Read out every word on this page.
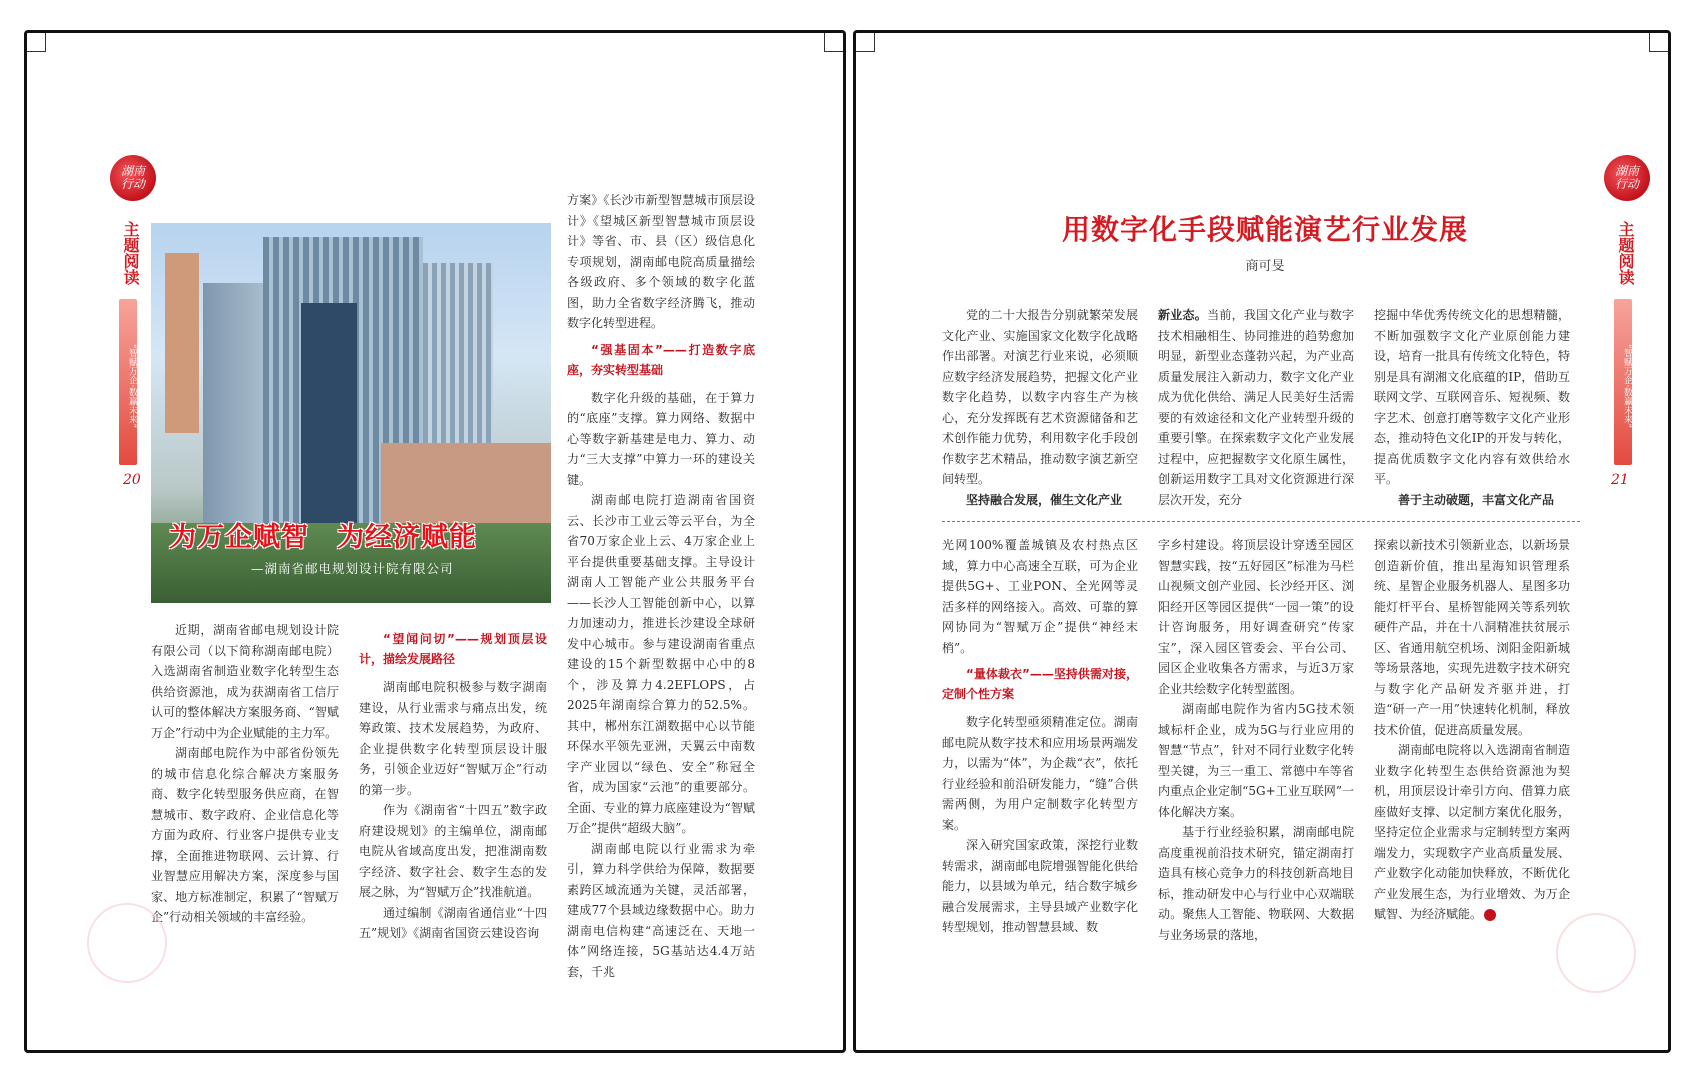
湖南
行动
主题阅读
“智赋万企·数赢未来”
20
为万企赋智　为经济赋能
—湖南省邮电规划设计院有限公司

近期，湖南省邮电规划设计院有限公司（以下简称湖南邮电院）入选湖南省制造业数字化转型生态供给资源池，成为获湖南省工信厅认可的整体解决方案服务商、“智赋万企”行动中为企业赋能的主力军。

湖南邮电院作为中部省份领先的城市信息化综合解决方案服务商、数字化转型服务供应商，在智慧城市、数字政府、企业信息化等方面为政府、行业客户提供专业支撑，全面推进物联网、云计算、行业智慧应用解决方案，深度参与国家、地方标准制定，积累了“智赋万企”行动相关领域的丰富经验。

“望闻问切”——规划顶层设计，描绘发展路径

湖南邮电院积极参与数字湖南建设，从行业需求与痛点出发，统筹政策、技术发展趋势，为政府、企业提供数字化转型顶层设计服务，引领企业迈好“智赋万企”行动的第一步。

作为《湖南省“十四五”数字政府建设规划》的主编单位，湖南邮电院从省域高度出发，把准湖南数字经济、数字社会、数字生态的发展之脉，为“智赋万企”找准航道。

通过编制《湖南省通信业“十四五”规划》《湖南省国资云建设咨询

方案》《长沙市新型智慧城市顶层设计》《望城区新型智慧城市顶层设计》等省、市、县（区）级信息化专项规划，湖南邮电院高质量描绘各级政府、多个领域的数字化蓝图，助力全省数字经济腾飞，推动数字化转型进程。

“强基固本”——打造数字底座，夯实转型基础

数字化升级的基础，在于算力的“底座”支撑。算力网络、数据中心等数字新基建是电力、算力、动力“三大支撑”中算力一环的建设关键。

湖南邮电院打造湖南省国资云、长沙市工业云等云平台，为全省70万家企业上云、4万家企业上平台提供重要基础支撑。主导设计湖南人工智能产业公共服务平台——长沙人工智能创新中心，以算力加速动力，推进长沙建设全球研发中心城市。参与建设湖南省重点建设的15个新型数据中心中的8个，涉及算力4.2EFLOPS，占2025年湖南综合算力的52.5%。其中，郴州东江湖数据中心以节能环保水平领先亚洲，天翼云中南数字产业园以“绿色、安全”称冠全省，成为国家“云池”的重要部分。全面、专业的算力底座建设为“智赋万企”提供“超级大脑”。

湖南邮电院以行业需求为牵引，算力科学供给为保障，数据要素跨区域流通为关键，灵活部署，建成77个县域边缘数据中心。助力湖南电信构建“高速泛在、天地一体”网络连接，5G基站达4.4万站套，千兆

湖南
行动
主题阅读
“智赋万企·数赢未来”
21
用数字化手段赋能演艺行业发展
商可旻

党的二十大报告分别就繁荣发展文化产业、实施国家文化数字化战略作出部署。对演艺行业来说，必须顺应数字经济发展趋势，把握文化产业数字化趋势，以数字内容生产为核心，充分发挥既有艺术资源储备和艺术创作能力优势，利用数字化手段创作数字艺术精品，推动数字演艺新空间转型。

坚持融合发展，催生文化产业

新业态。当前，我国文化产业与数字技术相融相生、协同推进的趋势愈加明显，新型业态蓬勃兴起，为产业高质量发展注入新动力，数字文化产业成为优化供给、满足人民美好生活需要的有效途径和文化产业转型升级的重要引擎。在探索数字文化产业发展过程中，应把握数字文化原生属性，创新运用数字工具对文化资源进行深层次开发，充分

挖掘中华优秀传统文化的思想精髓，不断加强数字文化产业原创能力建设，培育一批具有传统文化特色，特别是具有湖湘文化底蕴的IP，借助互联网文学、互联网音乐、短视频、数字艺术、创意打磨等数字文化产业形态，推动特色文化IP的开发与转化，提高优质数字文化内容有效供给水平。

善于主动破题，丰富文化产品

光网100%覆盖城镇及农村热点区域，算力中心高速全互联，可为企业提供5G+、工业PON、全光网等灵活多样的网络接入。高效、可靠的算网协同为“智赋万企”提供“神经末梢”。

“量体裁衣”——坚持供需对接，定制个性方案

数字化转型亟须精准定位。湖南邮电院从数字技术和应用场景两端发力，以需为“体”，为企裁“衣”，依托行业经验和前沿研发能力，“缝”合供需两侧，为用户定制数字化转型方案。

深入研究国家政策，深挖行业数转需求，湖南邮电院增强智能化供给能力，以县域为单元，结合数字城乡融合发展需求，主导县域产业数字化转型规划，推动智慧县域、数

字乡村建设。将顶层设计穿透至园区智慧实践，按“五好园区”标准为马栏山视频文创产业园、长沙经开区、浏阳经开区等园区提供“一园一策”的设计咨询服务，用好调查研究“传家宝”，深入园区管委会、平台公司、园区企业收集各方需求，与近3万家企业共绘数字化转型蓝图。

湖南邮电院作为省内5G技术领域标杆企业，成为5G与行业应用的智慧“节点”，针对不同行业数字化转型关键，为三一重工、常德中车等省内重点企业定制“5G+工业互联网”一体化解决方案。

基于行业经验积累，湖南邮电院高度重视前沿技术研究，锚定湖南打造具有核心竞争力的科技创新高地目标，推动研发中心与行业中心双端联动。聚焦人工智能、物联网、大数据与业务场景的落地，

探索以新技术引领新业态，以新场景创造新价值，推出星海知识管理系统、星智企业服务机器人、星图多功能灯杆平台、星桥智能网关等系列软硬件产品，并在十八洞精准扶贫展示区、省通用航空机场、浏阳金阳新城等场景落地，实现先进数字技术研究与数字化产品研发齐驱并进，打造“研一产一用”快速转化机制，释放技术价值，促进高质量发展。

湖南邮电院将以入选湖南省制造业数字化转型生态供给资源池为契机，用顶层设计牵引方向、借算力底座做好支撑、以定制方案优化服务，坚持定位企业需求与定制转型方案两端发力，实现数字产业高质量发展、产业数字化动能加快释放，不断优化产业发展生态，为行业增效、为万企赋智、为经济赋能。
